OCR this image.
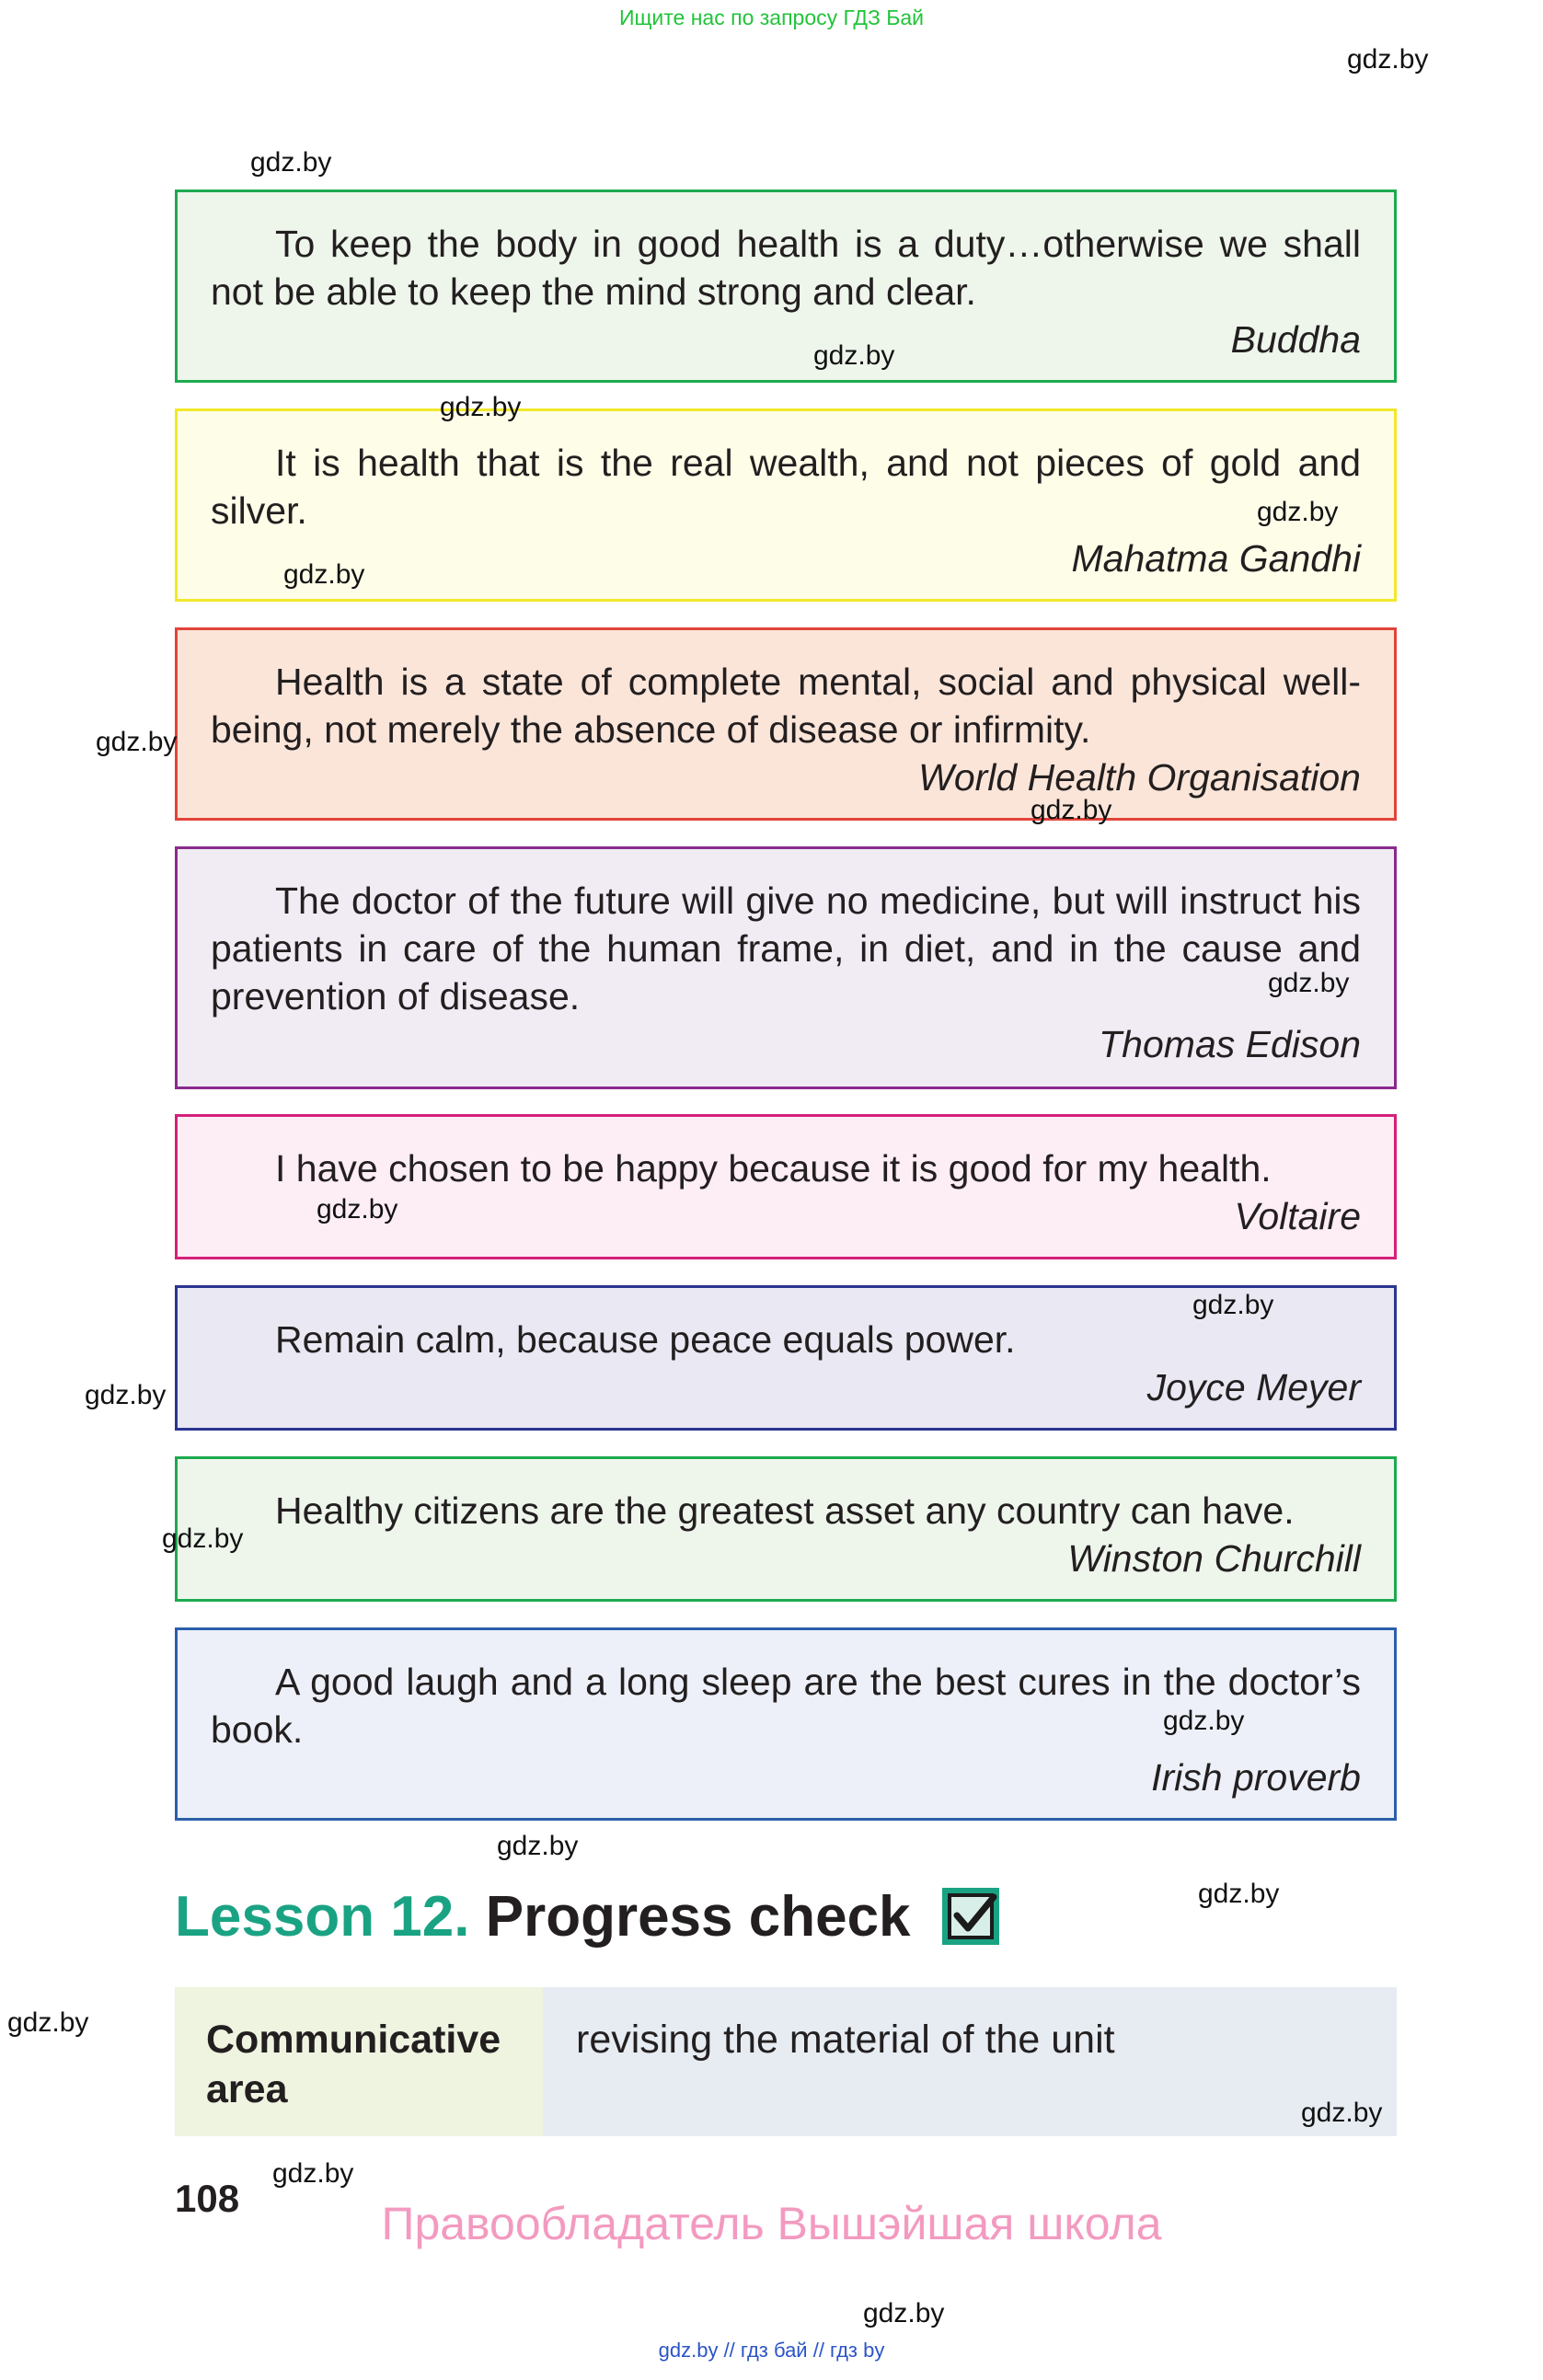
Ищите нас по запросу ГДЗ Бай

To keep the body in good health is a duty…otherwise we shall not be able to keep the mind strong and clear.

Buddha

It is health that is the real wealth, and not pieces of gold and silver.

Mahatma Gandhi

Health is a state of complete mental, social and physical well-being, not merely the absence of disease or infirmity.

World Health Organisation

The doctor of the future will give no medicine, but will instruct his patients in care of the human frame, in diet, and in the cause and prevention of disease.

Thomas Edison

I have chosen to be happy because it is good for my health.

Voltaire

Remain calm, because peace equals power.

Joyce Meyer

Healthy citizens are the greatest asset any country can have.

Winston Churchill

A good laugh and a long sleep are the best cures in the doctor’s book.

Irish proverb

Lesson 12. Progress check
Communicative area
revising the material of the unit
108	Правообладатель Вышэйшая школа
gdz.by // гдз бай // гдз by
gdz.by
gdz.by
gdz.by
gdz.by
gdz.by
gdz.by
gdz.by
gdz.by
gdz.by
gdz.by
gdz.by
gdz.by
gdz.by
gdz.by
gdz.by
gdz.by
gdz.by
gdz.by
gdz.by
gdz.by
